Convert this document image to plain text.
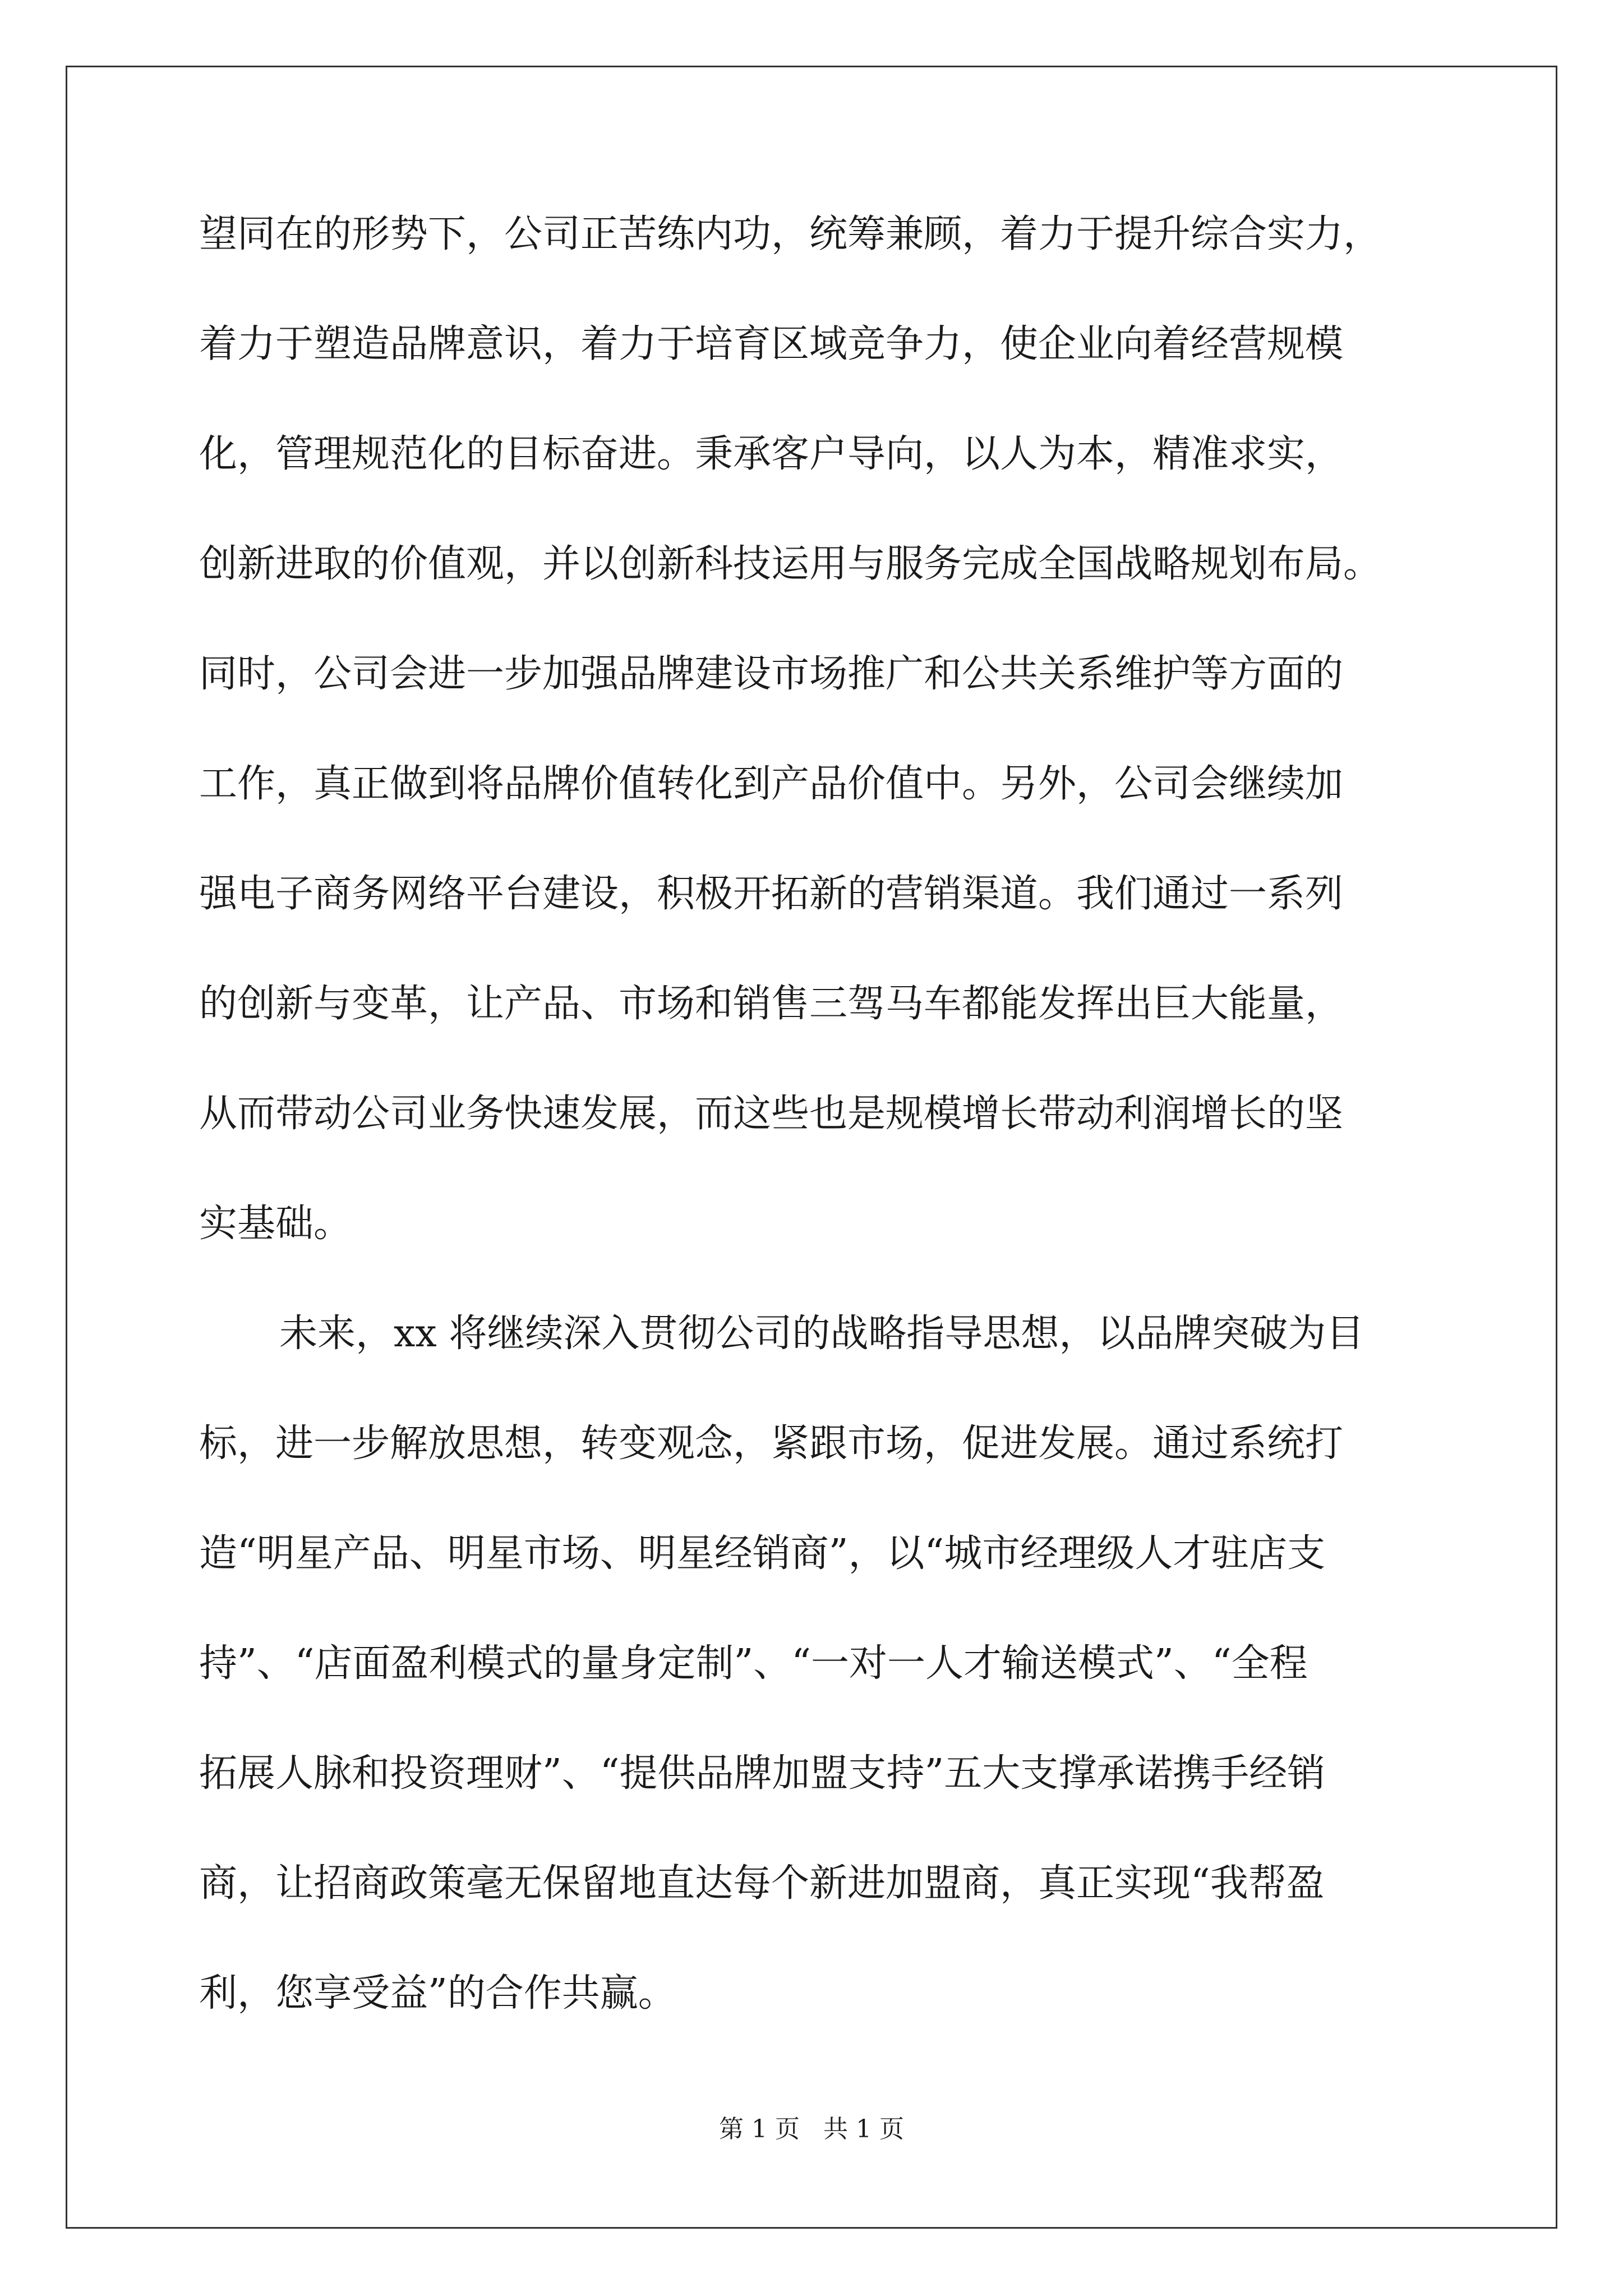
望同在的形势下，公司正苦练内功，统筹兼顾，着力于提升综合实力，
着力于塑造品牌意识，着力于培育区域竞争力，使企业向着经营规模
化，管理规范化的目标奋进。秉承客户导向，以人为本，精准求实，
创新进取的价值观，并以创新科技运用与服务完成全国战略规划布局。
同时，公司会进一步加强品牌建设市场推广和公共关系维护等方面的
工作，真正做到将品牌价值转化到产品价值中。另外，公司会继续加
强电子商务网络平台建设，积极开拓新的营销渠道。我们通过一系列
的创新与变革，让产品、市场和销售三驾马车都能发挥出巨大能量，
从而带动公司业务快速发展，而这些也是规模增长带动利润增长的坚
实基础。
未来，xx 将继续深入贯彻公司的战略指导思想，以品牌突破为目
标，进一步解放思想，转变观念，紧跟市场，促进发展。通过系统打
造“明星产品、明星市场、明星经销商”，以“城市经理级人才驻店支
持”、“店面盈利模式的量身定制”、“一对一人才输送模式”、“全程
拓展人脉和投资理财”、“提供品牌加盟支持”五大支撑承诺携手经销
商，让招商政策毫无保留地直达每个新进加盟商，真正实现“我帮盈
利，您享受益”的合作共赢。
第 1 页   共 1 页
